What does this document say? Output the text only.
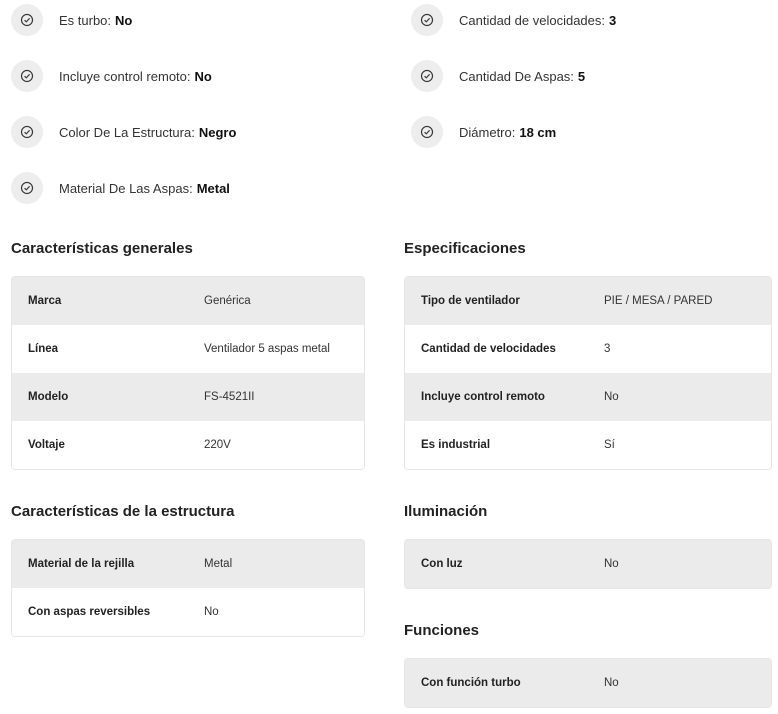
Es turbo: No
Incluye control remoto: No
Color De La Estructura: Negro
Material De Las Aspas: Metal
Cantidad de velocidades: 3
Cantidad De Aspas: 5
Diámetro: 18 cm
Características generales
Marca	Genérica
Línea	Ventilador 5 aspas metal
Modelo	FS-4521II
Voltaje	220V
Especificaciones
Tipo de ventilador	PIE / MESA / PARED
Cantidad de velocidades	3
Incluye control remoto	No
Es industrial	Sí
Características de la estructura
Material de la rejilla	Metal
Con aspas reversibles	No
Iluminación
Con luz	No
Funciones
Con función turbo	No
